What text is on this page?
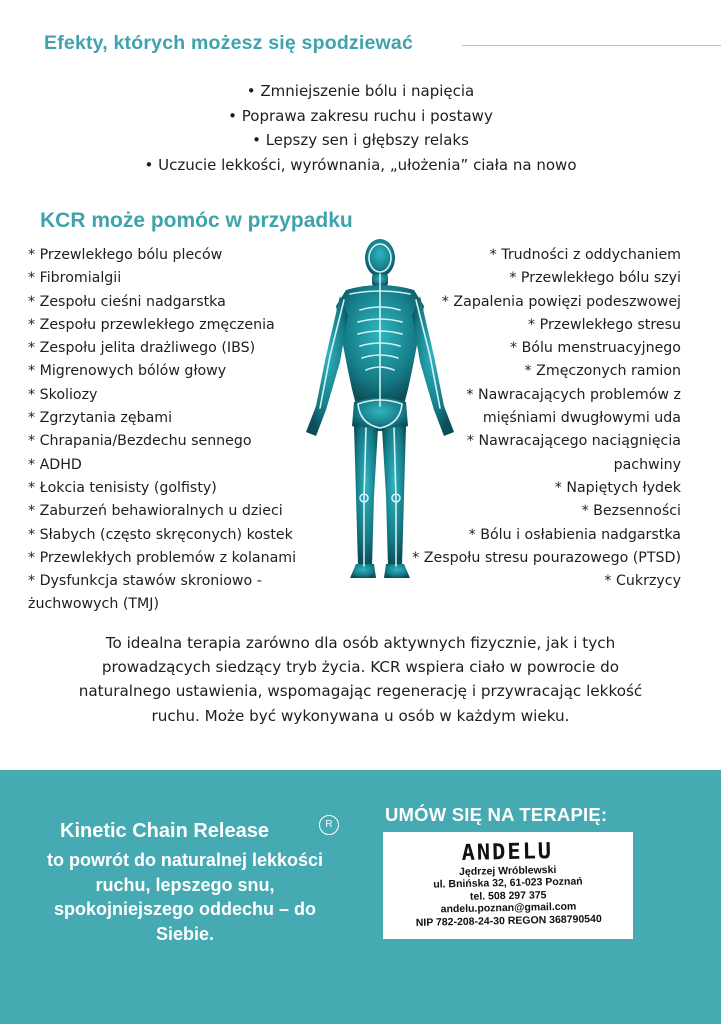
Efekty, których możesz się spodziewać
• Zmniejszenie bólu i napięcia
• Poprawa zakresu ruchu i postawy
• Lepszy sen i głębszy relaks
• Uczucie lekkości, wyrównania, „ułożenia” ciała na nowo
KCR może pomóc w przypadku
* Przewlekłego bólu pleców
* Fibromialgii
* Zespołu cieśni nadgarstka
* Zespołu przewlekłego zmęczenia
* Zespołu jelita drażliwego (IBS)
* Migrenowych bólów głowy
* Skoliozy
* Zgrzytania zębami
* Chrapania/Bezdechu sennego
* ADHD
* Łokcia tenisisty (golfisty)
* Zaburzeń behawioralnych u dzieci
* Słabych (często skręconych) kostek
* Przewlekłych problemów z kolanami
* Dysfunkcja stawów skroniowo - żuchwowych (TMJ)
* Trudności z oddychaniem
* Przewlekłego bólu szyi
* Zapalenia powięzi podeszwowej
* Przewlekłego stresu
* Bólu menstruacyjnego
* Zmęczonych ramion
* Nawracających problemów z mięśniami dwugłowymi uda
* Nawracającego naciągnięcia pachwiny
* Napiętych łydek
* Bezsenności
* Bólu i osłabienia nadgarstka
* Zespołu stresu pourazowego (PTSD)
* Cukrzycy

To idealna terapia zarówno dla osób aktywnych fizycznie, jak i tych prowadzących siedzący tryb życia. KCR wspiera ciało w powrocie do naturalnego ustawienia, wspomagając regenerację i przywracając lekkość ruchu. Może być wykonywana u osób w każdym wieku.

Kinetic Chain Release	R

to powrót do naturalnej lekkości ruchu, lepszego snu, spokojniejszego oddechu – do Siebie.

UMÓW SIĘ NA TERAPIĘ:
ANDELU
Jędrzej Wróblewski
ul. Bnińska 32, 61-023 Poznań
tel. 508 297 375
andelu.poznan@gmail.com
NIP 782-208-24-30 REGON 368790540
